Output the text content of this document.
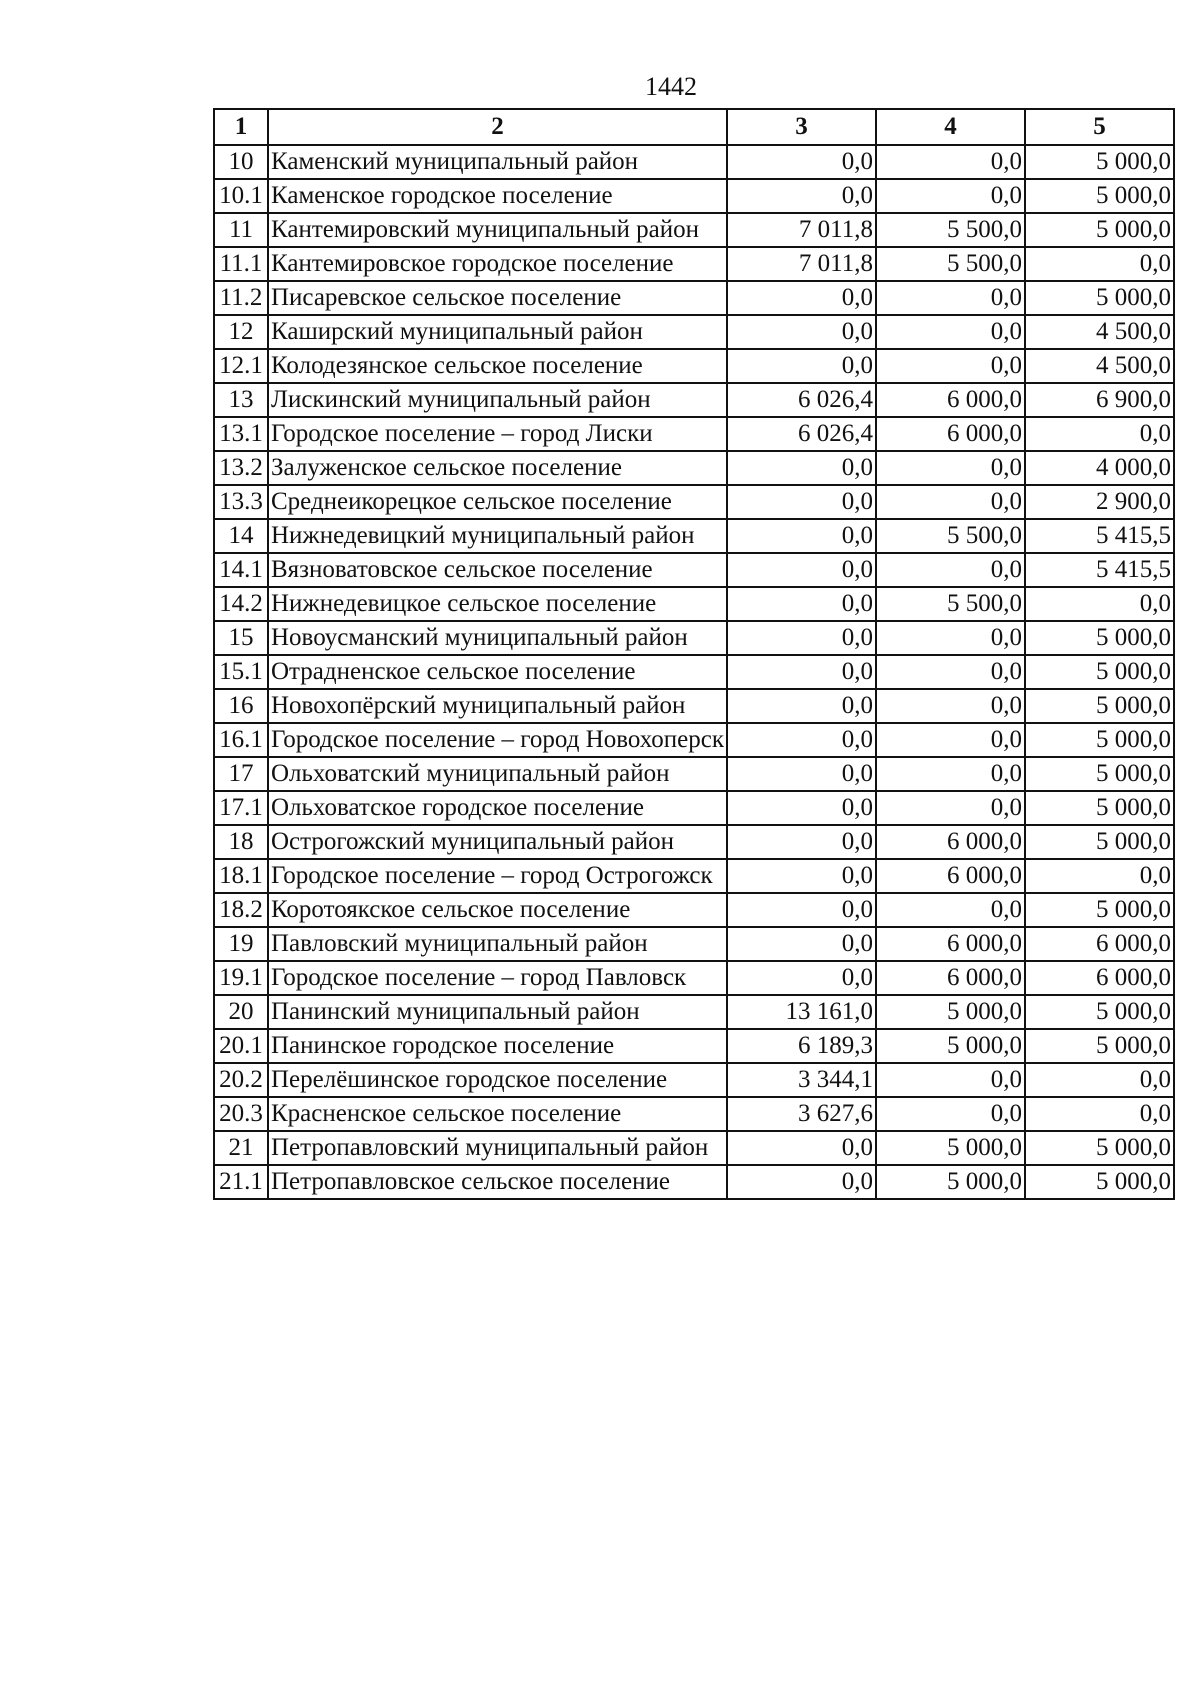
1442
1	2	3	4	5
10	Каменский муниципальный район	0,0	0,0	5 000,0
10.1	Каменское городское поселение	0,0	0,0	5 000,0
11	Кантемировский муниципальный район	7 011,8	5 500,0	5 000,0
11.1	Кантемировское городское поселение	7 011,8	5 500,0	0,0
11.2	Писаревское сельское поселение	0,0	0,0	5 000,0
12	Каширский муниципальный район	0,0	0,0	4 500,0
12.1	Колодезянское сельское поселение	0,0	0,0	4 500,0
13	Лискинский муниципальный район	6 026,4	6 000,0	6 900,0
13.1	Городское поселение – город Лиски	6 026,4	6 000,0	0,0
13.2	Залуженское сельское поселение	0,0	0,0	4 000,0
13.3	Среднеикорецкое сельское поселение	0,0	0,0	2 900,0
14	Нижнедевицкий муниципальный район	0,0	5 500,0	5 415,5
14.1	Вязноватовское сельское поселение	0,0	0,0	5 415,5
14.2	Нижнедевицкое сельское поселение	0,0	5 500,0	0,0
15	Новоусманский муниципальный район	0,0	0,0	5 000,0
15.1	Отрадненское сельское поселение	0,0	0,0	5 000,0
16	Новохопёрский муниципальный район	0,0	0,0	5 000,0
16.1	Городское поселение – город Новохоперск	0,0	0,0	5 000,0
17	Ольховатский муниципальный район	0,0	0,0	5 000,0
17.1	Ольховатское городское поселение	0,0	0,0	5 000,0
18	Острогожский муниципальный район	0,0	6 000,0	5 000,0
18.1	Городское поселение – город Острогожск	0,0	6 000,0	0,0
18.2	Коротоякское сельское поселение	0,0	0,0	5 000,0
19	Павловский муниципальный район	0,0	6 000,0	6 000,0
19.1	Городское поселение – город Павловск	0,0	6 000,0	6 000,0
20	Панинский муниципальный район	13 161,0	5 000,0	5 000,0
20.1	Панинское городское поселение	6 189,3	5 000,0	5 000,0
20.2	Перелёшинское городское поселение	3 344,1	0,0	0,0
20.3	Красненское сельское поселение	3 627,6	0,0	0,0
21	Петропавловский муниципальный район	0,0	5 000,0	5 000,0
21.1	Петропавловское сельское поселение	0,0	5 000,0	5 000,0
